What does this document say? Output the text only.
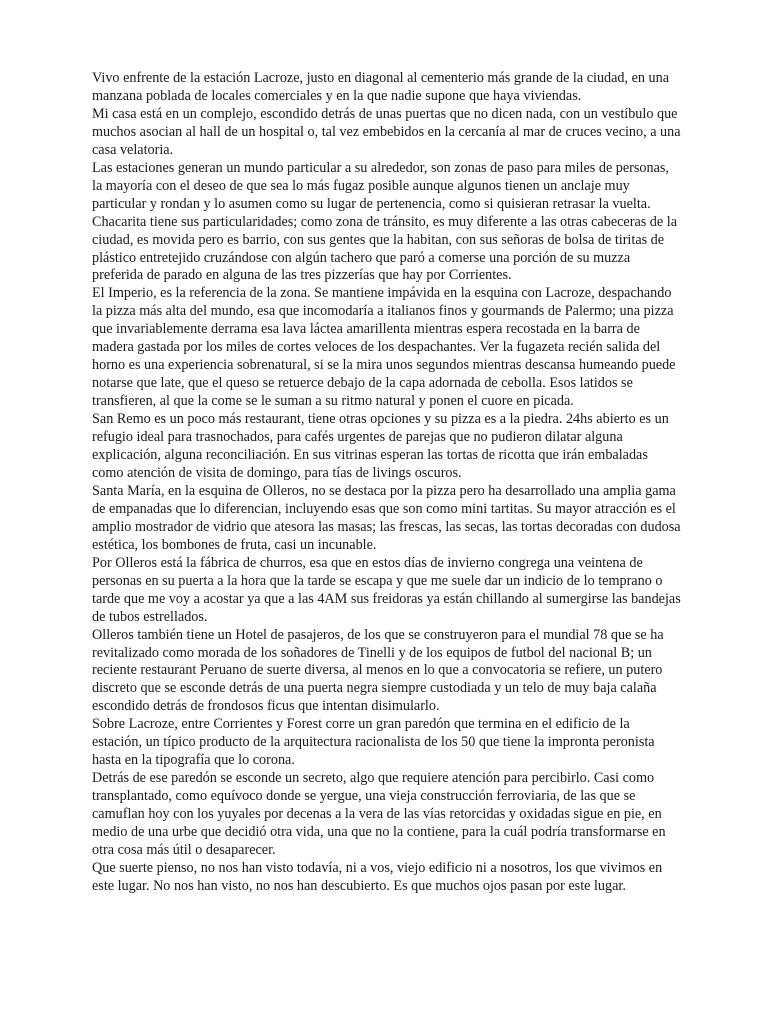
Vivo enfrente de la estación Lacroze, justo en diagonal al cementerio más grande de la ciudad, en una manzana poblada de locales comerciales y en la que nadie supone que haya viviendas.

Mi casa está en un complejo, escondido detrás de unas puertas que no dicen nada, con un vestíbulo que muchos asocian al hall de un hospital o, tal vez embebidos en la cercanía al mar de cruces vecino, a una casa velatoria.

Las estaciones generan un mundo particular a su alrededor, son zonas de paso para miles de personas, la mayoría con el deseo de que sea lo más fugaz posible aunque algunos tienen un anclaje muy particular y rondan y lo asumen como su lugar de pertenencia, como si quisieran retrasar la vuelta.

Chacarita tiene sus particularidades; como zona de tránsito, es muy diferente a las otras cabeceras de la ciudad, es movida pero es barrio, con sus gentes que la habitan, con sus señoras de bolsa de tiritas de plástico entretejido cruzándose con algún tachero que paró a comerse una porción de su muzza preferida de parado en alguna de las tres pizzerías que hay por Corrientes.

El Imperio, es la referencia de la zona. Se mantiene impávida en la esquina con Lacroze, despachando la pizza más alta del mundo, esa que incomodaría a italianos finos y gourmands de Palermo; una pizza que invariablemente derrama esa lava láctea amarillenta mientras espera recostada en la barra de madera gastada por los miles de cortes veloces de los despachantes. Ver la fugazeta recién salida del horno es una experiencia sobrenatural, si se la mira unos segundos mientras descansa humeando puede notarse que late, que el queso se retuerce debajo de la capa adornada de cebolla. Esos latidos se transfieren, al que la come se le suman a su ritmo natural y ponen el cuore en picada.

San Remo es un poco más restaurant, tiene otras opciones y su pizza es a la piedra. 24hs abierto es un refugio ideal para trasnochados, para cafés urgentes de parejas que no pudieron dilatar alguna explicación, alguna reconciliación. En sus vitrinas esperan las tortas de ricotta que irán embaladas como atención de visita de domingo, para tías de livings oscuros.

Santa María, en la esquina de Olleros, no se destaca por la pizza pero ha desarrollado una amplia gama de empanadas que lo diferencian, incluyendo esas que son como mini tartitas. Su mayor atracción es el amplio mostrador de vidrio que atesora las masas; las frescas, las secas, las tortas decoradas con dudosa estética, los bombones de fruta, casi un incunable.

Por Olleros está la fábrica de churros, esa que en estos días de invierno congrega una veintena de personas en su puerta a la hora que la tarde se escapa y que me suele dar un indicio de lo temprano o tarde que me voy a acostar ya que a las 4AM sus freidoras ya están chillando al sumergirse las bandejas de tubos estrellados.

Olleros también tiene un Hotel de pasajeros, de los que se construyeron para el mundial 78 que se ha revitalizado como morada de los soñadores de Tinelli y de los equipos de futbol del nacional B; un reciente restaurant Peruano de suerte diversa, al menos en lo que a convocatoria se refiere, un putero discreto que se esconde detrás de una puerta negra siempre custodiada y un telo de muy baja calaña escondido detrás de frondosos ficus que intentan disimularlo.

Sobre Lacroze, entre Corrientes y Forest corre un gran paredón que termina en el edificio de la estación, un típico producto de la arquitectura racionalista de los 50 que tiene la impronta peronista hasta en la tipografía que lo corona.

Detrás de ese paredón se esconde un secreto, algo que requiere atención para percibirlo. Casi como transplantado, como equívoco donde se yergue, una vieja construcción ferroviaria, de las que se camuflan hoy con los yuyales por decenas a la vera de las vías retorcidas y oxidadas sigue en pie, en medio de una urbe que decidió otra vida, una que no la contiene, para la cuál podría transformarse en otra cosa más útil o desaparecer.

Que suerte pienso, no nos han visto todavía, ni a vos, viejo edificio ni a nosotros, los que vivimos en este lugar. No nos han visto, no nos han descubierto. Es que muchos ojos pasan por este lugar.
